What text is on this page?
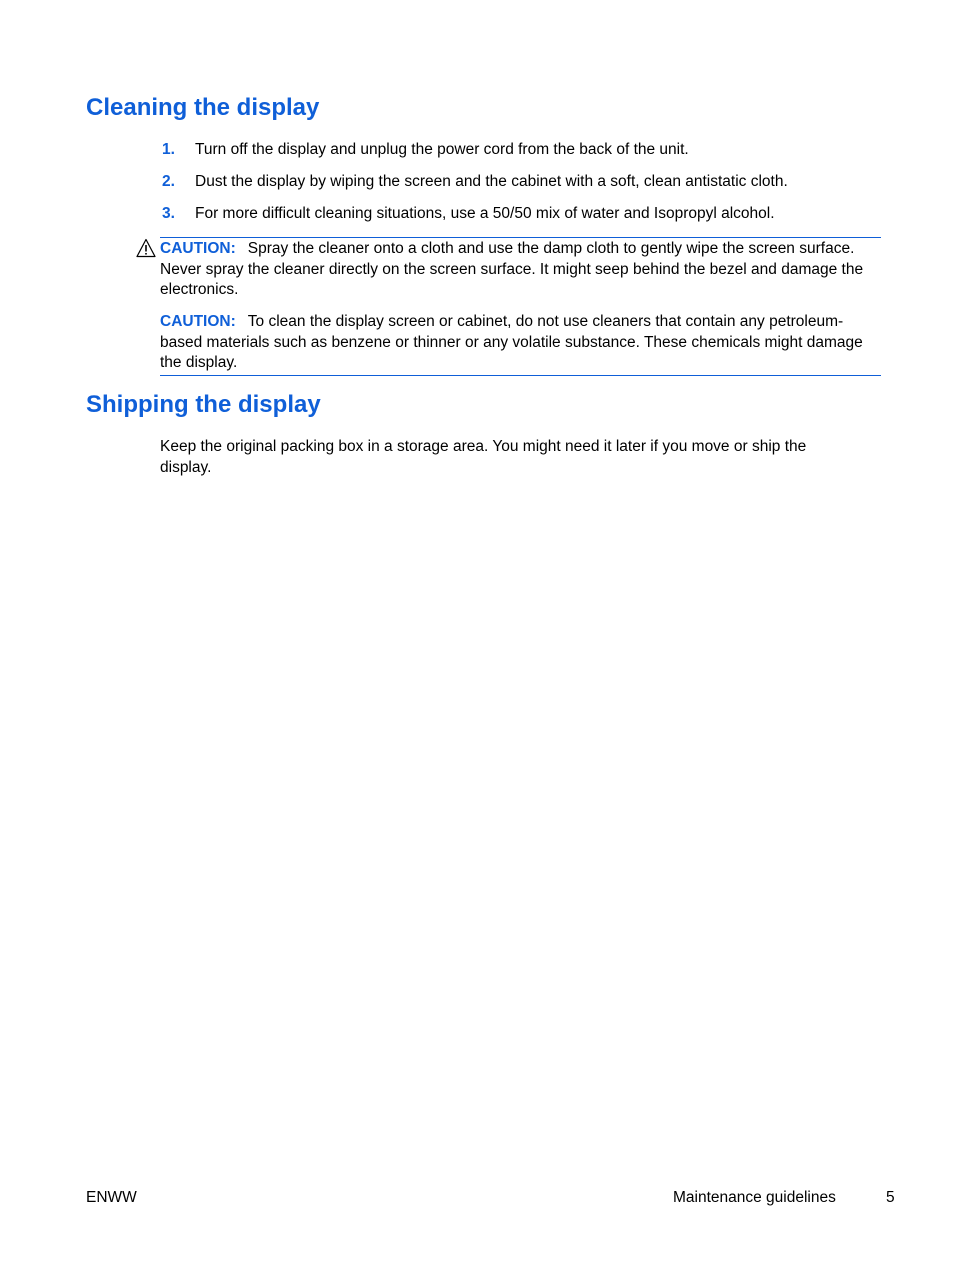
Cleaning the display
1. Turn off the display and unplug the power cord from the back of the unit.
2. Dust the display by wiping the screen and the cabinet with a soft, clean antistatic cloth.
3. For more difficult cleaning situations, use a 50/50 mix of water and Isopropyl alcohol.
CAUTION: Spray the cleaner onto a cloth and use the damp cloth to gently wipe the screen surface. Never spray the cleaner directly on the screen surface. It might seep behind the bezel and damage the electronics.
CAUTION: To clean the display screen or cabinet, do not use cleaners that contain any petroleum-based materials such as benzene or thinner or any volatile substance. These chemicals might damage the display.
Shipping the display

Keep the original packing box in a storage area. You might need it later if you move or ship the display.

ENWW	Maintenance guidelines	5
